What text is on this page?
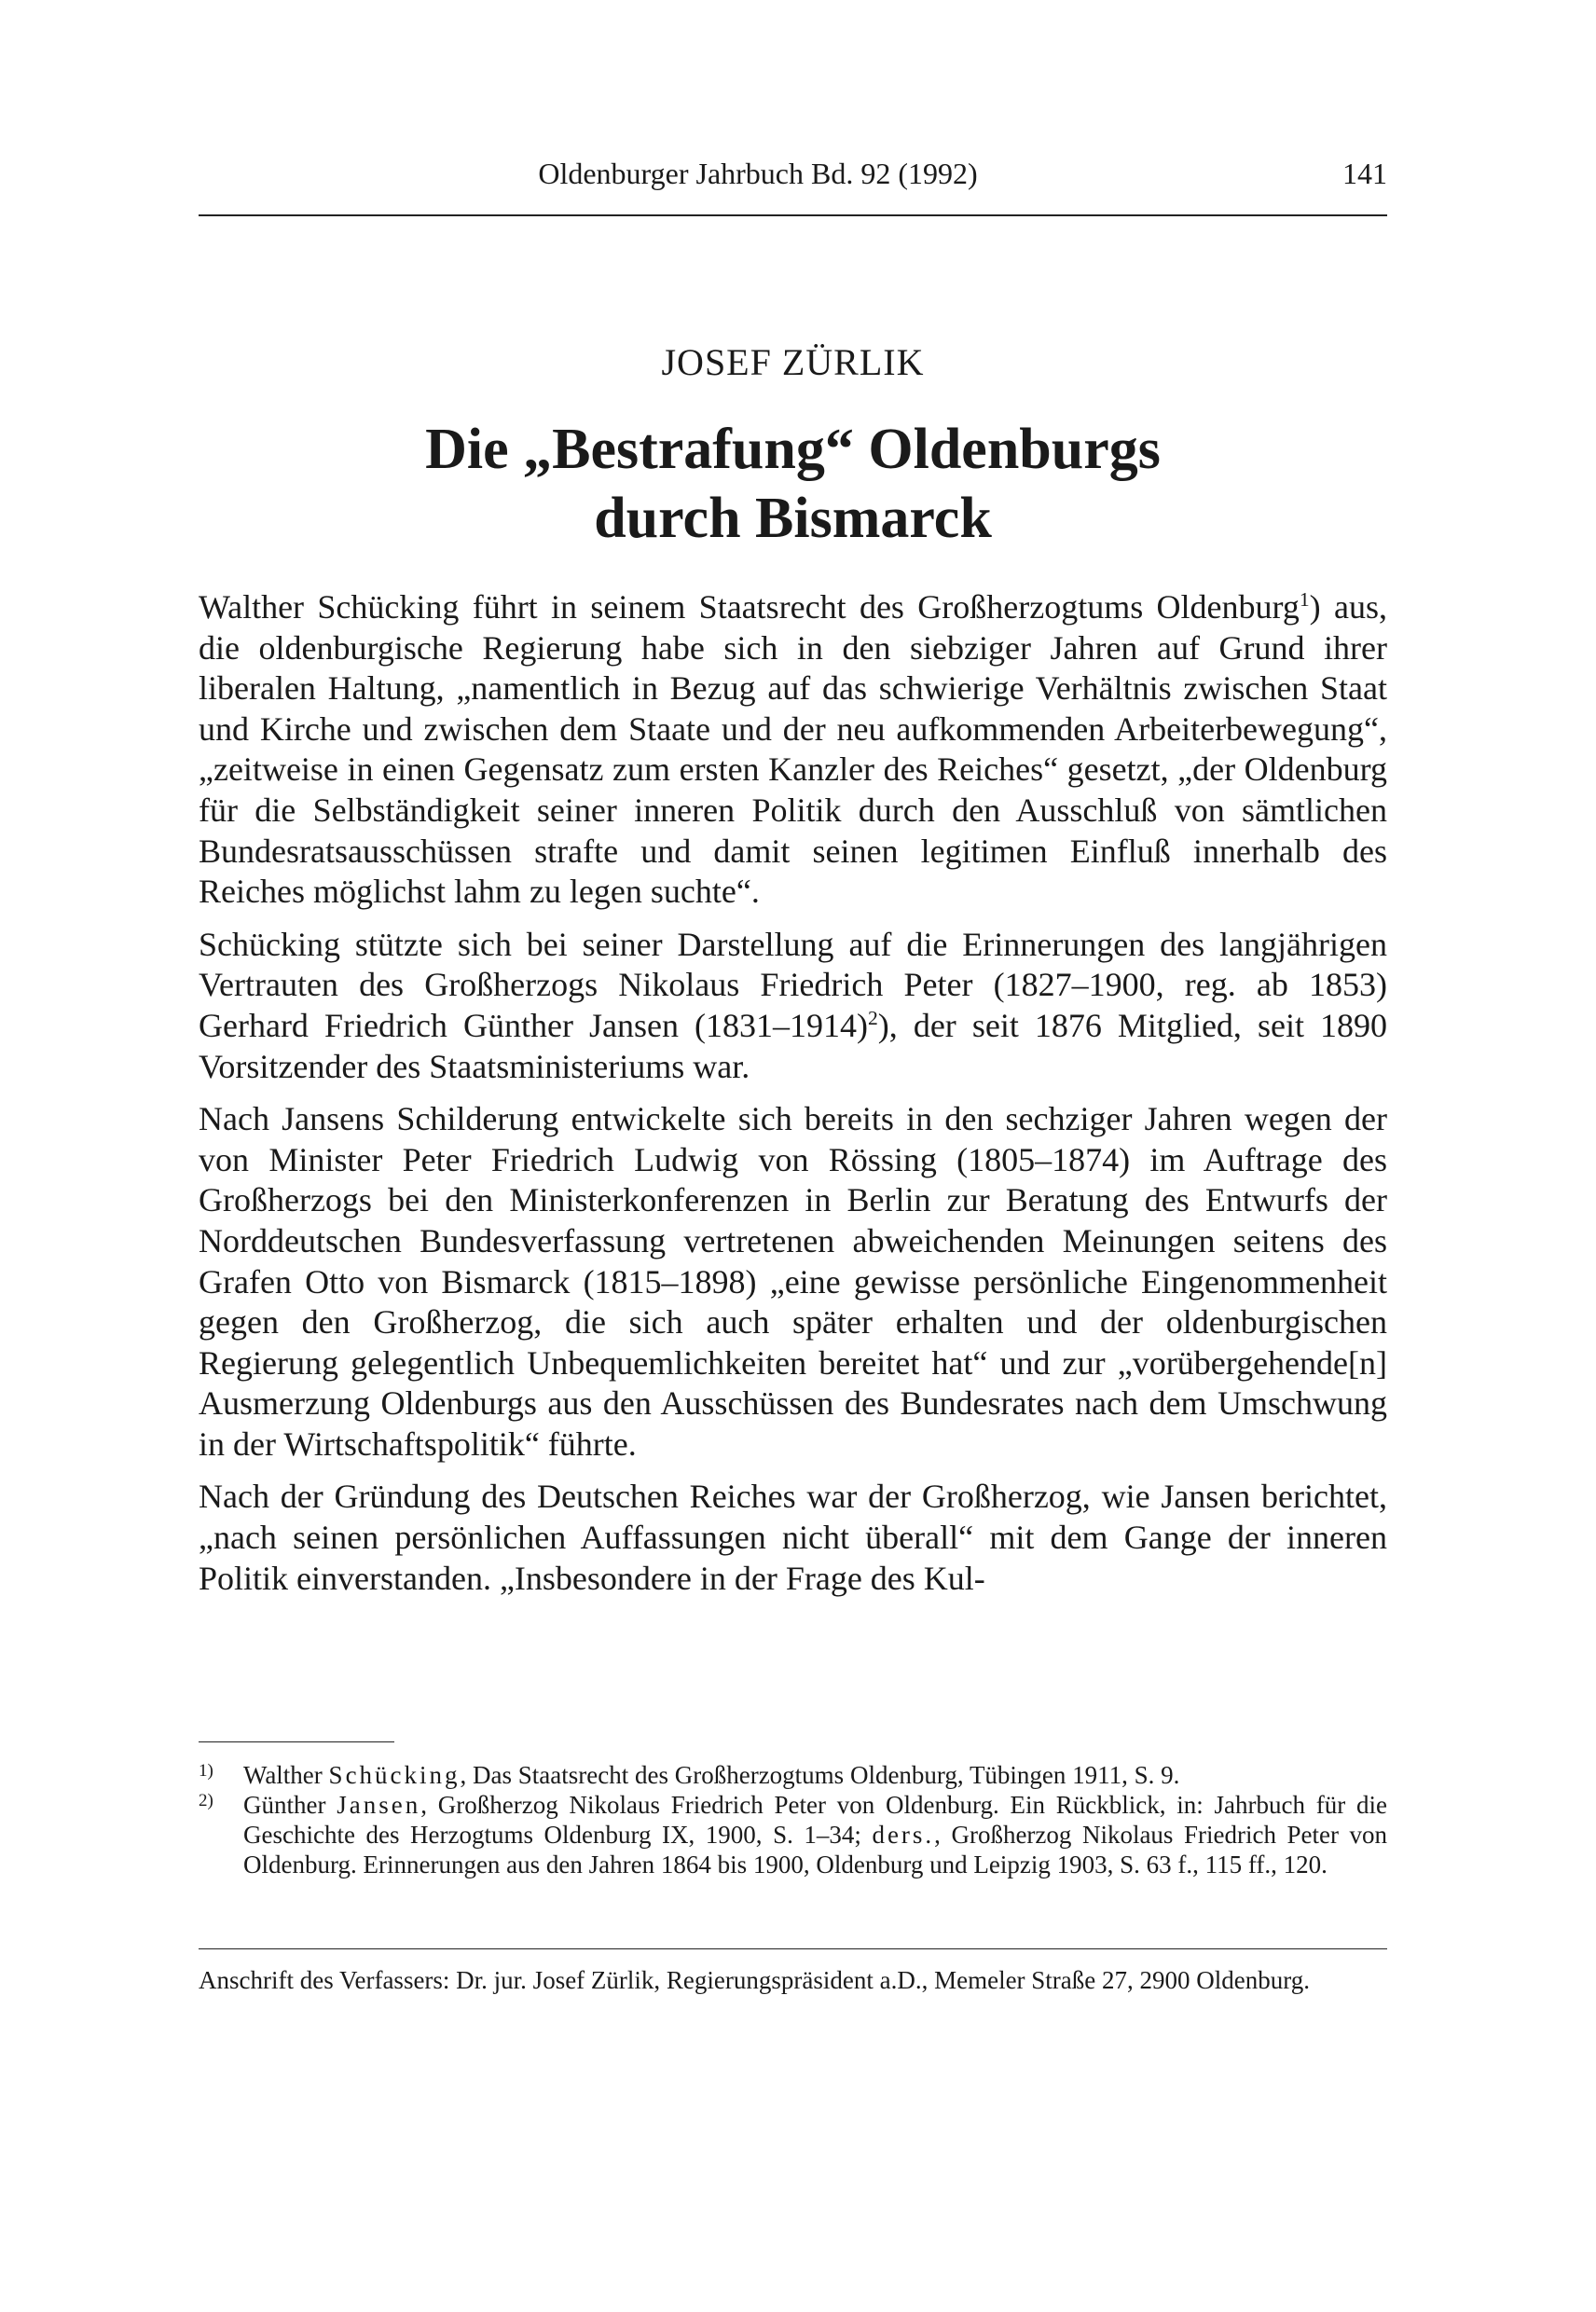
Oldenburger Jahrbuch Bd. 92 (1992)	141
JOSEF ZÜRLIK
Die „Bestrafung“ Oldenburgs
durch Bismarck

Walther Schücking führt in seinem Staatsrecht des Großherzogtums Oldenburg$^1$) aus, die oldenburgische Regierung habe sich in den siebziger Jahren auf Grund ihrer liberalen Haltung, „namentlich in Bezug auf das schwierige Verhältnis zwischen Staat und Kirche und zwischen dem Staate und der neu aufkommenden Arbeiterbewegung“, „zeitweise in einen Gegensatz zum ersten Kanzler des Reiches“ gesetzt, „der Oldenburg für die Selbständigkeit seiner inneren Politik durch den Ausschluß von sämtlichen Bundesratsausschüssen strafte und damit seinen legitimen Einfluß innerhalb des Reiches möglichst lahm zu legen suchte“.

Schücking stützte sich bei seiner Darstellung auf die Erinnerungen des langjährigen Vertrauten des Großherzogs Nikolaus Friedrich Peter (1827–1900, reg. ab 1853) Gerhard Friedrich Günther Jansen (1831–1914)$^2$), der seit 1876 Mitglied, seit 1890 Vorsitzender des Staatsministeriums war.

Nach Jansens Schilderung entwickelte sich bereits in den sechziger Jahren wegen der von Minister Peter Friedrich Ludwig von Rössing (1805–1874) im Auftrage des Großherzogs bei den Ministerkonferenzen in Berlin zur Beratung des Entwurfs der Norddeutschen Bundesverfassung vertretenen abweichenden Meinungen seitens des Grafen Otto von Bismarck (1815–1898) „eine gewisse persönliche Eingenommenheit gegen den Großherzog, die sich auch später erhalten und der oldenburgischen Regierung gelegentlich Unbequemlichkeiten bereitet hat“ und zur „vorübergehende[n] Ausmerzung Oldenburgs aus den Ausschüssen des Bundesrates nach dem Umschwung in der Wirtschaftspolitik“ führte.

Nach der Gründung des Deutschen Reiches war der Großherzog, wie Jansen berichtet, „nach seinen persönlichen Auffassungen nicht überall“ mit dem Gange der inneren Politik einverstanden. „Insbesondere in der Frage des Kul-

1) Walther Schücking, Das Staatsrecht des Großherzogtums Oldenburg, Tübingen 1911, S. 9.
2) Günther Jansen, Großherzog Nikolaus Friedrich Peter von Oldenburg. Ein Rückblick, in: Jahrbuch für die Geschichte des Herzogtums Oldenburg IX, 1900, S. 1–34; ders., Großherzog Nikolaus Friedrich Peter von Oldenburg. Erinnerungen aus den Jahren 1864 bis 1900, Oldenburg und Leipzig 1903, S. 63 f., 115 ff., 120.
Anschrift des Verfassers: Dr. jur. Josef Zürlik, Regierungspräsident a.D., Memeler Straße 27, 2900 Oldenburg.
